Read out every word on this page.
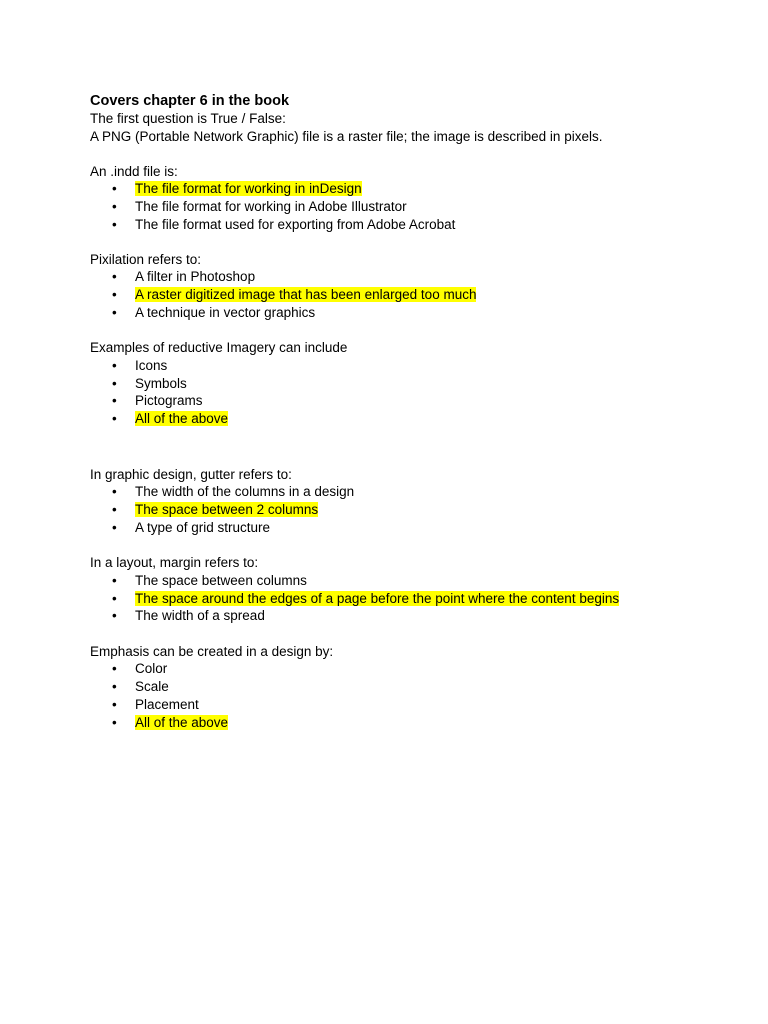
Covers chapter 6 in the book
The first question is True / False:
A PNG (Portable Network Graphic) file is a raster file; the image is described in pixels.
An .indd file is:
• The file format for working in inDesign
• The file format for working in Adobe Illustrator
• The file format used for exporting from Adobe Acrobat
Pixilation refers to:
• A filter in Photoshop
• A raster digitized image that has been enlarged too much
• A technique in vector graphics
Examples of reductive Imagery can include
• Icons
• Symbols
• Pictograms
• All of the above
In graphic design, gutter refers to:
• The width of the columns in a design
• The space between 2 columns
• A type of grid structure
In a layout, margin refers to:
• The space between columns
• The space around the edges of a page before the point where the content begins
• The width of a spread
Emphasis can be created in a design by:
• Color
• Scale
• Placement
• All of the above
